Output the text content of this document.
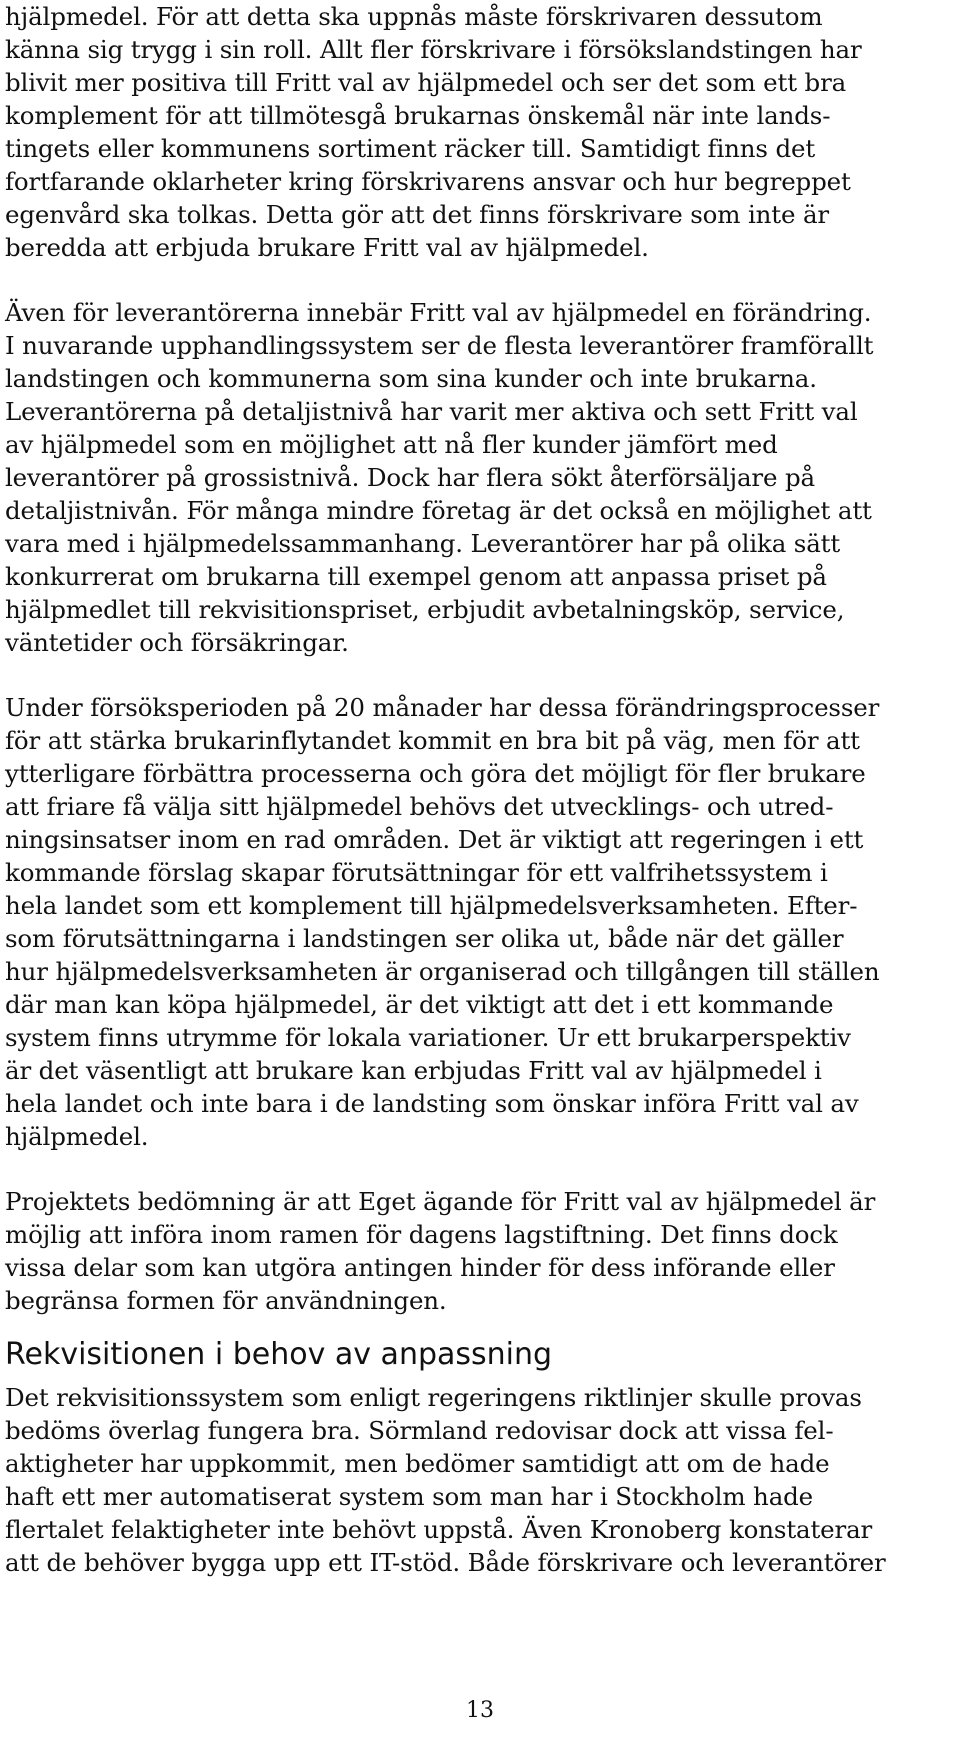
hjälpmedel. För att detta ska uppnås måste förskrivaren dessutom
känna sig trygg i sin roll. Allt fler förskrivare i försökslandstingen har
blivit mer positiva till Fritt val av hjälpmedel och ser det som ett bra
komplement för att tillmötesgå brukarnas önskemål när inte lands-
tingets eller kommunens sortiment räcker till. Samtidigt finns det
fortfarande oklarheter kring förskrivarens ansvar och hur begreppet
egenvård ska tolkas. Detta gör att det finns förskrivare som inte är
beredda att erbjuda brukare Fritt val av hjälpmedel.
Även för leverantörerna innebär Fritt val av hjälpmedel en förändring.
I nuvarande upphandlingssystem ser de flesta leverantörer framförallt
landstingen och kommunerna som sina kunder och inte brukarna.
Leverantörerna på detaljistnivå har varit mer aktiva och sett Fritt val
av hjälpmedel som en möjlighet att nå fler kunder jämfört med
leverantörer på grossistnivå. Dock har flera sökt återförsäljare på
detaljistnivån. För många mindre företag är det också en möjlighet att
vara med i hjälpmedelssammanhang. Leverantörer har på olika sätt
konkurrerat om brukarna till exempel genom att anpassa priset på
hjälpmedlet till rekvisitionspriset, erbjudit avbetalningsköp, service,
väntetider och försäkringar.
Under försöksperioden på 20 månader har dessa förändringsprocesser
för att stärka brukarinflytandet kommit en bra bit på väg, men för att
ytterligare förbättra processerna och göra det möjligt för fler brukare
att friare få välja sitt hjälpmedel behövs det utvecklings- och utred-
ningsinsatser inom en rad områden. Det är viktigt att regeringen i ett
kommande förslag skapar förutsättningar för ett valfrihetssystem i
hela landet som ett komplement till hjälpmedelsverksamheten. Efter-
som förutsättningarna i landstingen ser olika ut, både när det gäller
hur hjälpmedelsverksamheten är organiserad och tillgången till ställen
där man kan köpa hjälpmedel, är det viktigt att det i ett kommande
system finns utrymme för lokala variationer. Ur ett brukarperspektiv
är det väsentligt att brukare kan erbjudas Fritt val av hjälpmedel i
hela landet och inte bara i de landsting som önskar införa Fritt val av
hjälpmedel.
Projektets bedömning är att Eget ägande för Fritt val av hjälpmedel är
möjlig att införa inom ramen för dagens lagstiftning. Det finns dock
vissa delar som kan utgöra antingen hinder för dess införande eller
begränsa formen för användningen.
Rekvisitionen i behov av anpassning
Det rekvisitionssystem som enligt regeringens riktlinjer skulle provas
bedöms överlag fungera bra. Sörmland redovisar dock att vissa fel-
aktigheter har uppkommit, men bedömer samtidigt att om de hade
haft ett mer automatiserat system som man har i Stockholm hade
flertalet felaktigheter inte behövt uppstå. Även Kronoberg konstaterar
att de behöver bygga upp ett IT-stöd. Både förskrivare och leverantörer
13
